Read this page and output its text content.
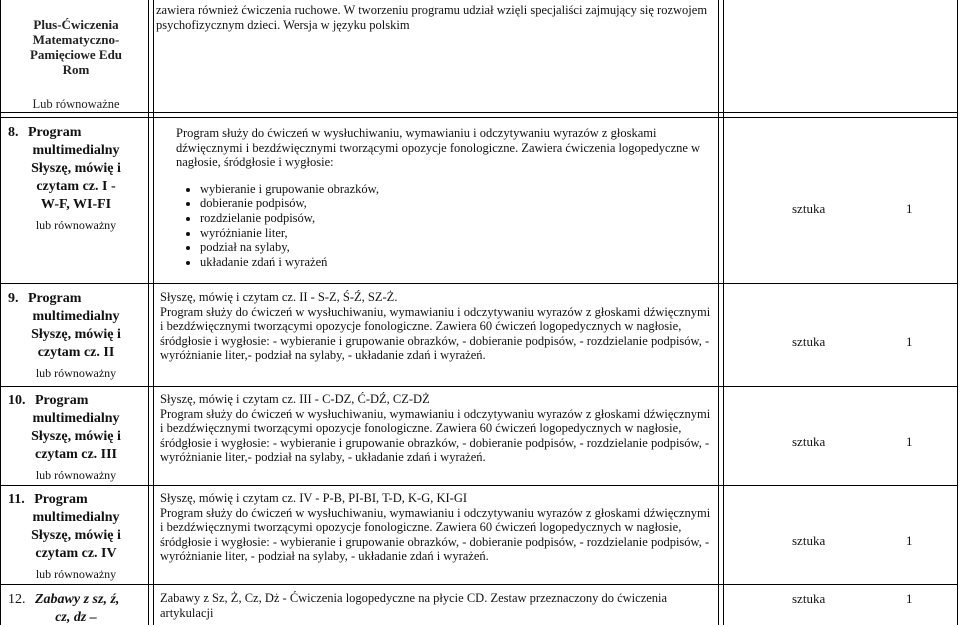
Plus-Ćwiczenia
Matematyczno-
Pamięciowe Edu
Rom
Lub równoważne

zawiera również ćwiczenia ruchowe. W tworzeniu programu udział wzięli specjaliści zajmujący się rozwojem psychofizycznym dzieci. Wersja w języku polskim

8. Program
multimedialny
Słyszę, mówię i
czytam cz. I -
W-F, WI-FI
lub równoważny

Program służy do ćwiczeń w wysłuchiwaniu, wymawianiu i odczytywaniu wyrazów z głoskami dźwięcznymi i bezdźwięcznymi tworzącymi opozycje fonologiczne. Zawiera ćwiczenia logopedyczne w nagłosie, śródgłosie i wygłosie:

• wybieranie i grupowanie obrazków,
• dobieranie podpisów,
• rozdzielanie podpisów,
• wyróżnianie liter,
• podział na sylaby,
• układanie zdań i wyrażeń
sztuka	1
9. Program
multimedialny
Słyszę, mówię i
czytam cz. II
lub równoważny

Słyszę, mówię i czytam cz. II - S-Z, Ś-Ź, SZ-Ż.

Program służy do ćwiczeń w wysłuchiwaniu, wymawianiu i odczytywaniu wyrazów z głoskami dźwięcznymi i bezdźwięcznymi tworzącymi opozycje fonologiczne. Zawiera 60 ćwiczeń logopedycznych w nagłosie, śródgłosie i wygłosie: - wybieranie i grupowanie obrazków, - dobieranie podpisów, - rozdzielanie podpisów, - wyróżnianie liter,- podział na sylaby, - układanie zdań i wyrażeń.

sztuka	1
10. Program
multimedialny
Słyszę, mówię i
czytam cz. III
lub równoważny

Słyszę, mówię i czytam cz. III - C-DZ, Ć-DŹ, CZ-DŻ

Program służy do ćwiczeń w wysłuchiwaniu, wymawianiu i odczytywaniu wyrazów z głoskami dźwięcznymi i bezdźwięcznymi tworzącymi opozycje fonologiczne. Zawiera 60 ćwiczeń logopedycznych w nagłosie, śródgłosie i wygłosie: - wybieranie i grupowanie obrazków, - dobieranie podpisów, - rozdzielanie podpisów, - wyróżnianie liter,- podział na sylaby, - układanie zdań i wyrażeń.

sztuka	1
11. Program
multimedialny
Słyszę, mówię i
czytam cz. IV
lub równoważny

Słyszę, mówię i czytam cz. IV - P-B, PI-BI, T-D, K-G, KI-GI

Program służy do ćwiczeń w wysłuchiwaniu, wymawianiu i odczytywaniu wyrazów z głoskami dźwięcznymi i bezdźwięcznymi tworzącymi opozycje fonologiczne. Zawiera 60 ćwiczeń logopedycznych w nagłosie, śródgłosie i wygłosie: - wybieranie i grupowanie obrazków, - dobieranie podpisów, - rozdzielanie podpisów, - wyróżnianie liter, - podział na sylaby, - układanie zdań i wyrażeń.

sztuka	1
12. Zabawy z sz, ź,
cz, dz –

Zabawy z Sz, Ż, Cz, Dż - Ćwiczenia logopedyczne na płycie CD. Zestaw przeznaczony do ćwiczenia artykulacji

sztuka	1
